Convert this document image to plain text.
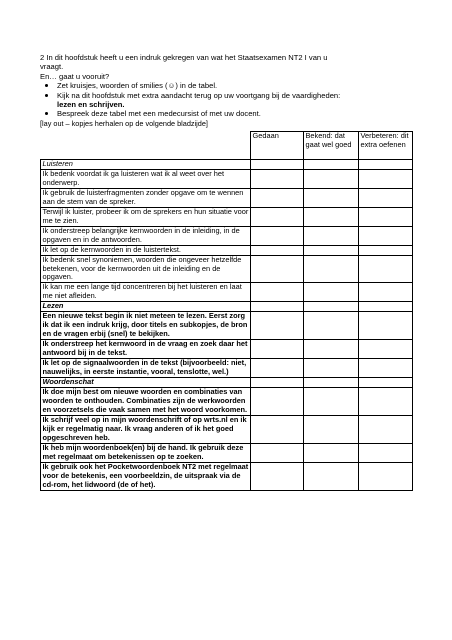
2 In dit hoofdstuk heeft u een indruk gekregen van wat het Staatsexamen NT2 I van u
vraagt.
En… gaat u vooruit?
Zet kruisjes, woorden of smilies (☺) in de tabel.
Kijk na dit hoofdstuk met extra aandacht terug op uw voortgang bij de vaardigheden:
lezen en schrijven.
Bespreek deze tabel met een medecursist of met uw docent.
[lay out – kopjes herhalen op de volgende bladzijde]
	Gedaan	Bekend: dat gaat wel goed	Verbeteren: dit extra oefenen
Luisteren			
Ik bedenk voordat ik ga luisteren wat ik al weet over het onderwerp.			
Ik gebruik de luisterfragmenten zonder opgave om te wennen aan de stem van de spreker.			
Terwijl ik luister, probeer ik om de sprekers en hun situatie voor me te zien.			
Ik onderstreep belangrijke kernwoorden in de inleiding, in de opgaven en in de antwoorden.			
Ik let op de kernwoorden in de luistertekst.			
Ik bedenk snel synoniemen, woorden die ongeveer hetzelfde betekenen, voor de kernwoorden uit de inleiding en de opgaven.			
Ik kan me een lange tijd concentreren bij het luisteren en laat me niet afleiden.			
Lezen			
Een nieuwe tekst begin ik niet meteen te lezen. Eerst zorg ik dat ik een indruk krijg, door titels en subkopjes, de bron en de vragen erbij (snel) te bekijken.			
Ik onderstreep het kernwoord in de vraag en zoek daar het antwoord bij in de tekst.			
Ik let op de signaalwoorden in de tekst (bijvoorbeeld: niet, nauwelijks, in eerste instantie, vooral, tenslotte, wel.)			
Woordenschat			
Ik doe mijn best om nieuwe woorden en combinaties van woorden te onthouden. Combinaties zijn de werkwoorden en voorzetsels die vaak samen met het woord voorkomen.			
Ik schrijf veel op in mijn woordenschrift of op wrts.nl en ik kijk er regelmatig naar. Ik vraag anderen of ik het goed opgeschreven heb.			
Ik heb mijn woordenboek(en) bij de hand. Ik gebruik deze met regelmaat om betekenissen op te zoeken.			
Ik gebruik ook het Pocketwoordenboek NT2 met regelmaat voor de betekenis, een voorbeeldzin, de uitspraak via de cd-rom, het lidwoord (de of het).			
